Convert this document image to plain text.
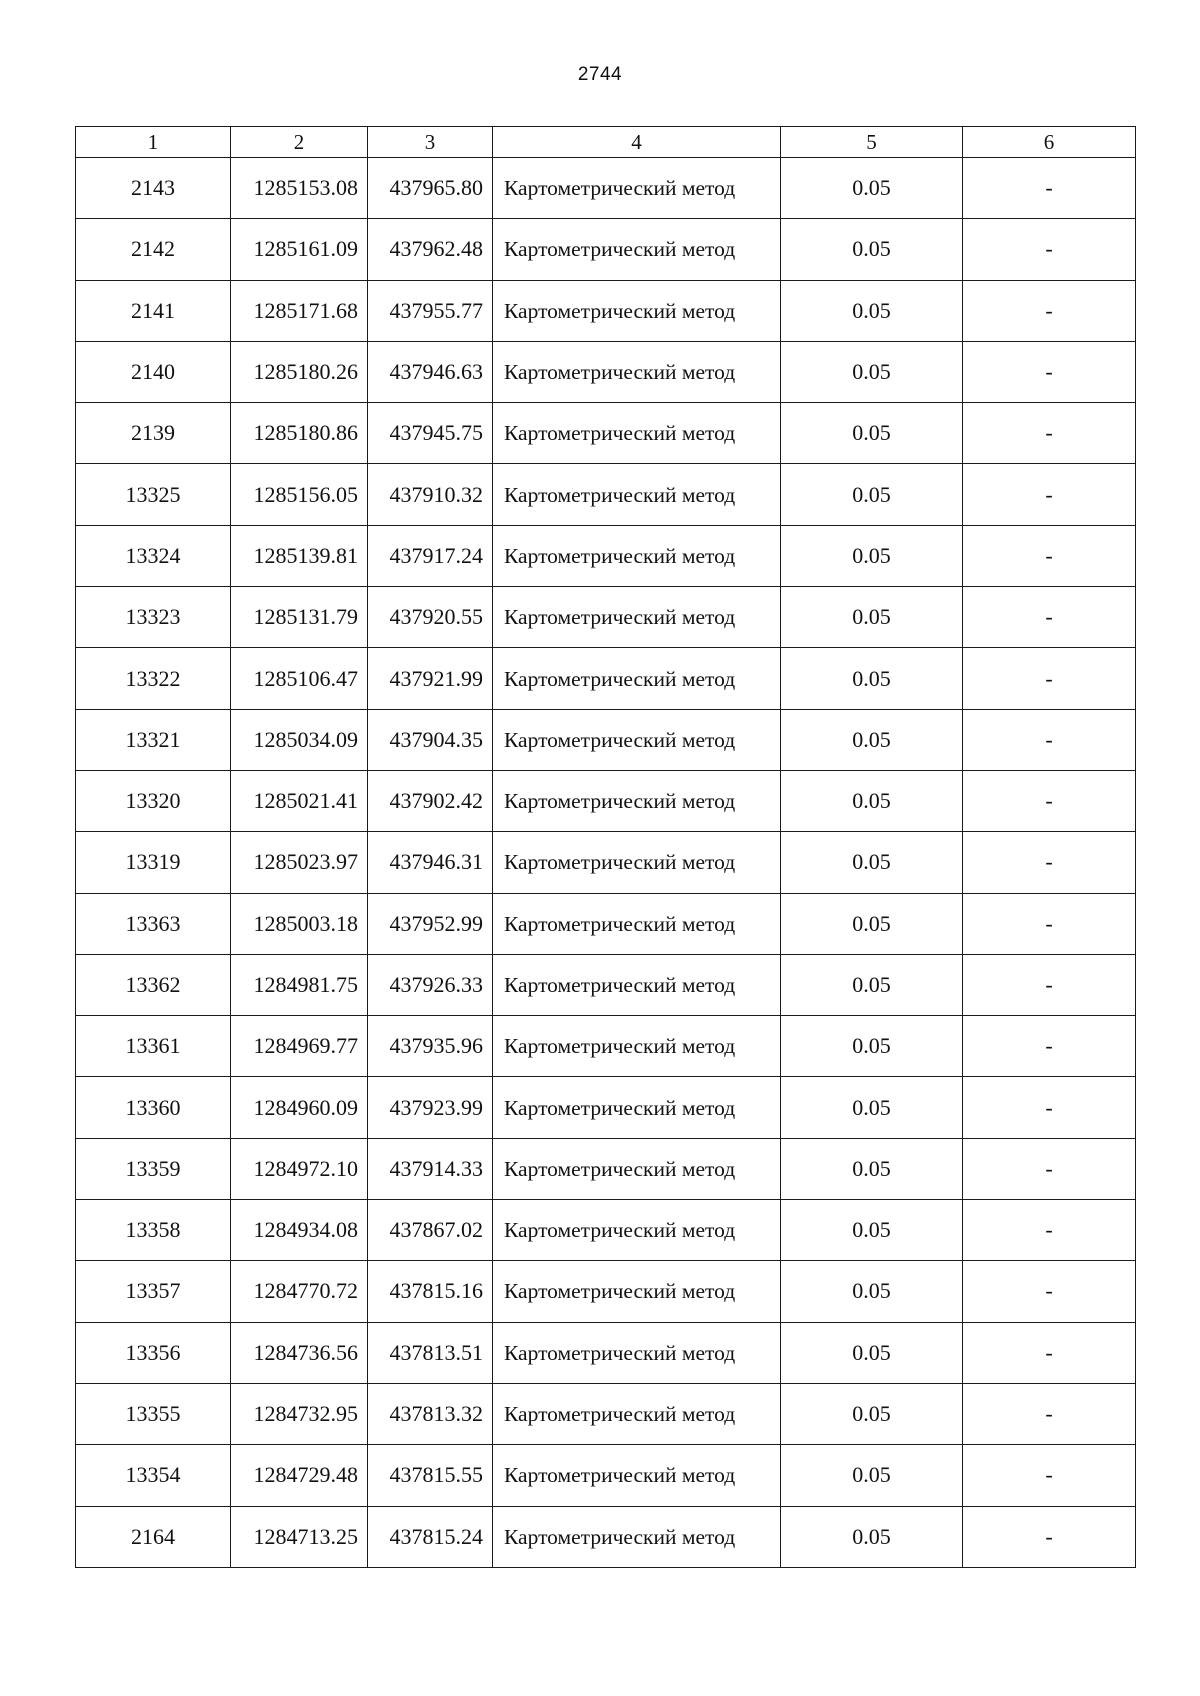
2744
1	2	3	4	5	6
2143	1285153.08	437965.80	Картометрический метод	0.05	-
2142	1285161.09	437962.48	Картометрический метод	0.05	-
2141	1285171.68	437955.77	Картометрический метод	0.05	-
2140	1285180.26	437946.63	Картометрический метод	0.05	-
2139	1285180.86	437945.75	Картометрический метод	0.05	-
13325	1285156.05	437910.32	Картометрический метод	0.05	-
13324	1285139.81	437917.24	Картометрический метод	0.05	-
13323	1285131.79	437920.55	Картометрический метод	0.05	-
13322	1285106.47	437921.99	Картометрический метод	0.05	-
13321	1285034.09	437904.35	Картометрический метод	0.05	-
13320	1285021.41	437902.42	Картометрический метод	0.05	-
13319	1285023.97	437946.31	Картометрический метод	0.05	-
13363	1285003.18	437952.99	Картометрический метод	0.05	-
13362	1284981.75	437926.33	Картометрический метод	0.05	-
13361	1284969.77	437935.96	Картометрический метод	0.05	-
13360	1284960.09	437923.99	Картометрический метод	0.05	-
13359	1284972.10	437914.33	Картометрический метод	0.05	-
13358	1284934.08	437867.02	Картометрический метод	0.05	-
13357	1284770.72	437815.16	Картометрический метод	0.05	-
13356	1284736.56	437813.51	Картометрический метод	0.05	-
13355	1284732.95	437813.32	Картометрический метод	0.05	-
13354	1284729.48	437815.55	Картометрический метод	0.05	-
2164	1284713.25	437815.24	Картометрический метод	0.05	-
